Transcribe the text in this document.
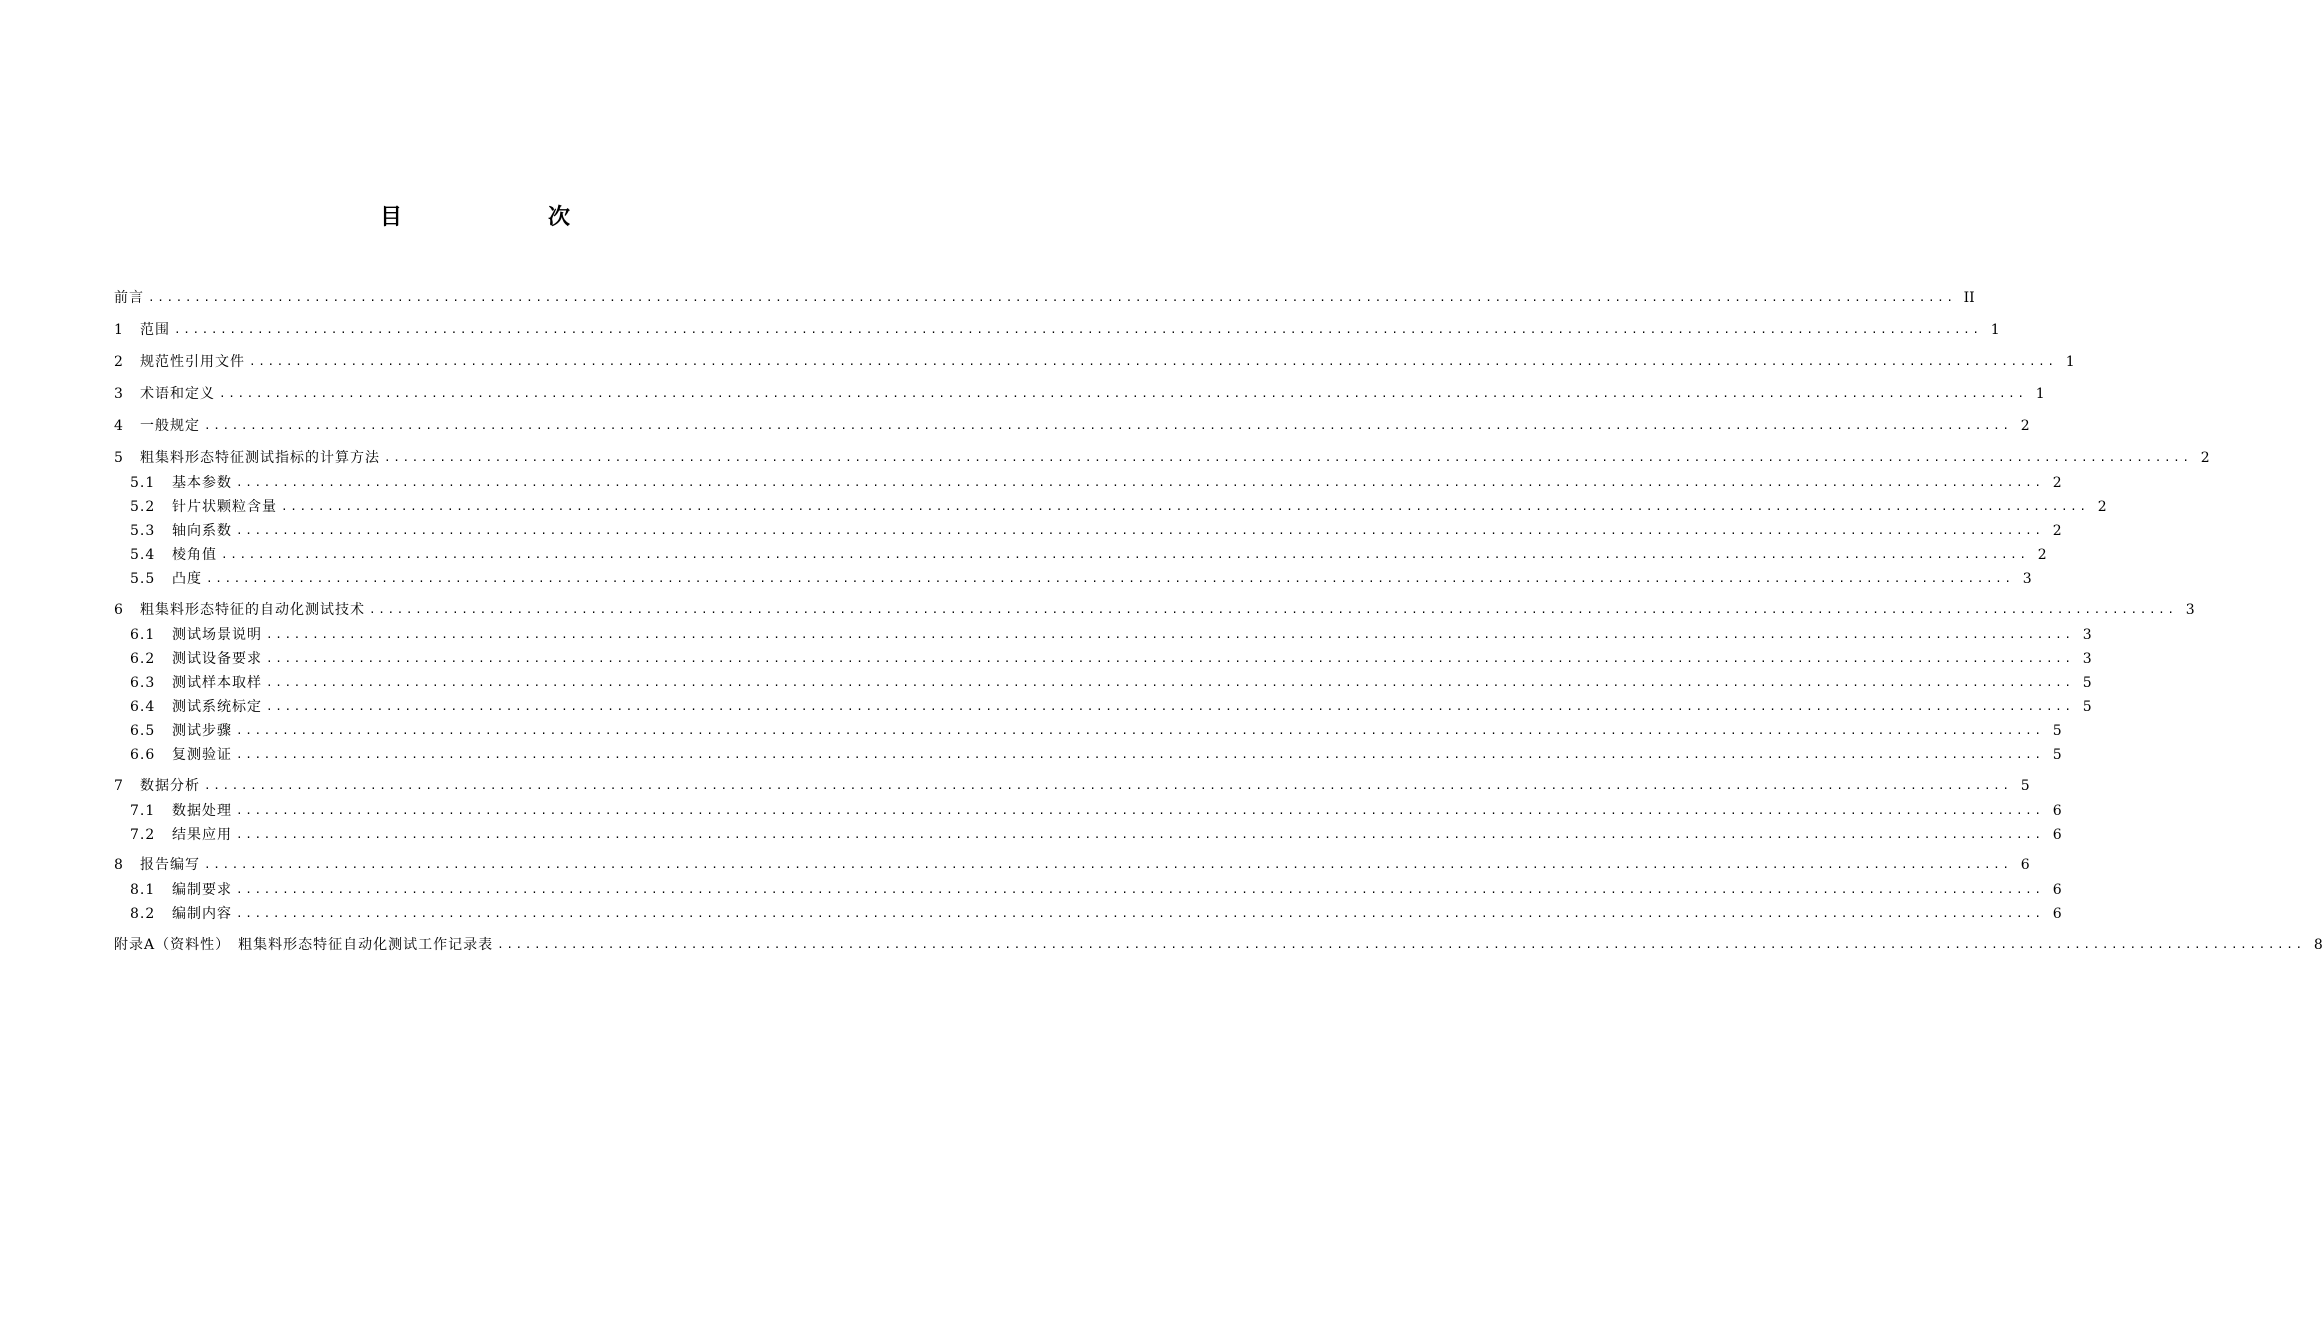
目　次
前言 .................................................................................................................................................................................................... II
1	范围 .................................................................................................................................................................................................... 1
2	规范性引用文件 .................................................................................................................................................................................................... 1
3	术语和定义 .................................................................................................................................................................................................... 1
4	一般规定 .................................................................................................................................................................................................... 2
5	粗集料形态特征测试指标的计算方法 .................................................................................................................................................................................................... 2
5.1	基本参数 .................................................................................................................................................................................................... 2
5.2	针片状颗粒含量 .................................................................................................................................................................................................... 2
5.3	轴向系数 .................................................................................................................................................................................................... 2
5.4	棱角值 .................................................................................................................................................................................................... 2
5.5	凸度 .................................................................................................................................................................................................... 3
6	粗集料形态特征的自动化测试技术 .................................................................................................................................................................................................... 3
6.1	测试场景说明 .................................................................................................................................................................................................... 3
6.2	测试设备要求 .................................................................................................................................................................................................... 3
6.3	测试样本取样 .................................................................................................................................................................................................... 5
6.4	测试系统标定 .................................................................................................................................................................................................... 5
6.5	测试步骤 .................................................................................................................................................................................................... 5
6.6	复测验证 .................................................................................................................................................................................................... 5
7	数据分析 .................................................................................................................................................................................................... 5
7.1	数据处理 .................................................................................................................................................................................................... 6
7.2	结果应用 .................................................................................................................................................................................................... 6
8	报告编写 .................................................................................................................................................................................................... 6
8.1	编制要求 .................................................................................................................................................................................................... 6
8.2	编制内容 .................................................................................................................................................................................................... 6
附录A（资料性）　粗集料形态特征自动化测试工作记录表 .................................................................................................................................................................................................... 8
